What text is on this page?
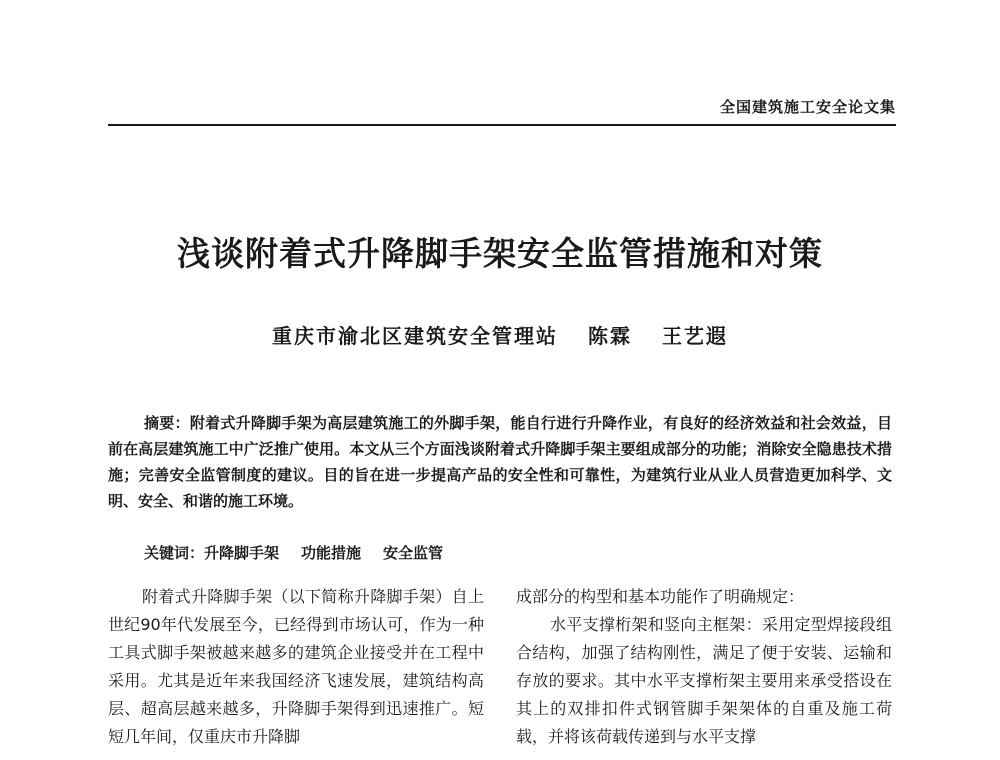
全国建筑施工安全论文集
浅谈附着式升降脚手架安全监管措施和对策
重庆市渝北区建筑安全管理站 陈霖 王艺遐

摘要：附着式升降脚手架为高层建筑施工的外脚手架，能自行进行升降作业，有良好的经济效益和社会效益，目前在高层建筑施工中广泛推广使用。本文从三个方面浅谈附着式升降脚手架主要组成部分的功能；消除安全隐患技术措施；完善安全监管制度的建议。目的旨在进一步提高产品的安全性和可靠性，为建筑行业从业人员营造更加科学、文明、安全、和谐的施工环境。

关键词：升降脚手架 功能措施 安全监管

附着式升降脚手架（以下简称升降脚手架）自上世纪90年代发展至今，已经得到市场认可，作为一种工具式脚手架被越来越多的建筑企业接受并在工程中采用。尤其是近年来我国经济飞速发展，建筑结构高层、超高层越来越多，升降脚手架得到迅速推广。短短几年间，仅重庆市升降脚

成部分的构型和基本功能作了明确规定：

水平支撑桁架和竖向主框架：采用定型焊接段组合结构，加强了结构刚性，满足了便于安装、运输和存放的要求。其中水平支撑桁架主要用来承受搭设在其上的双排扣件式钢管脚手架架体的自重及施工荷载，并将该荷载传递到与水平支撑
